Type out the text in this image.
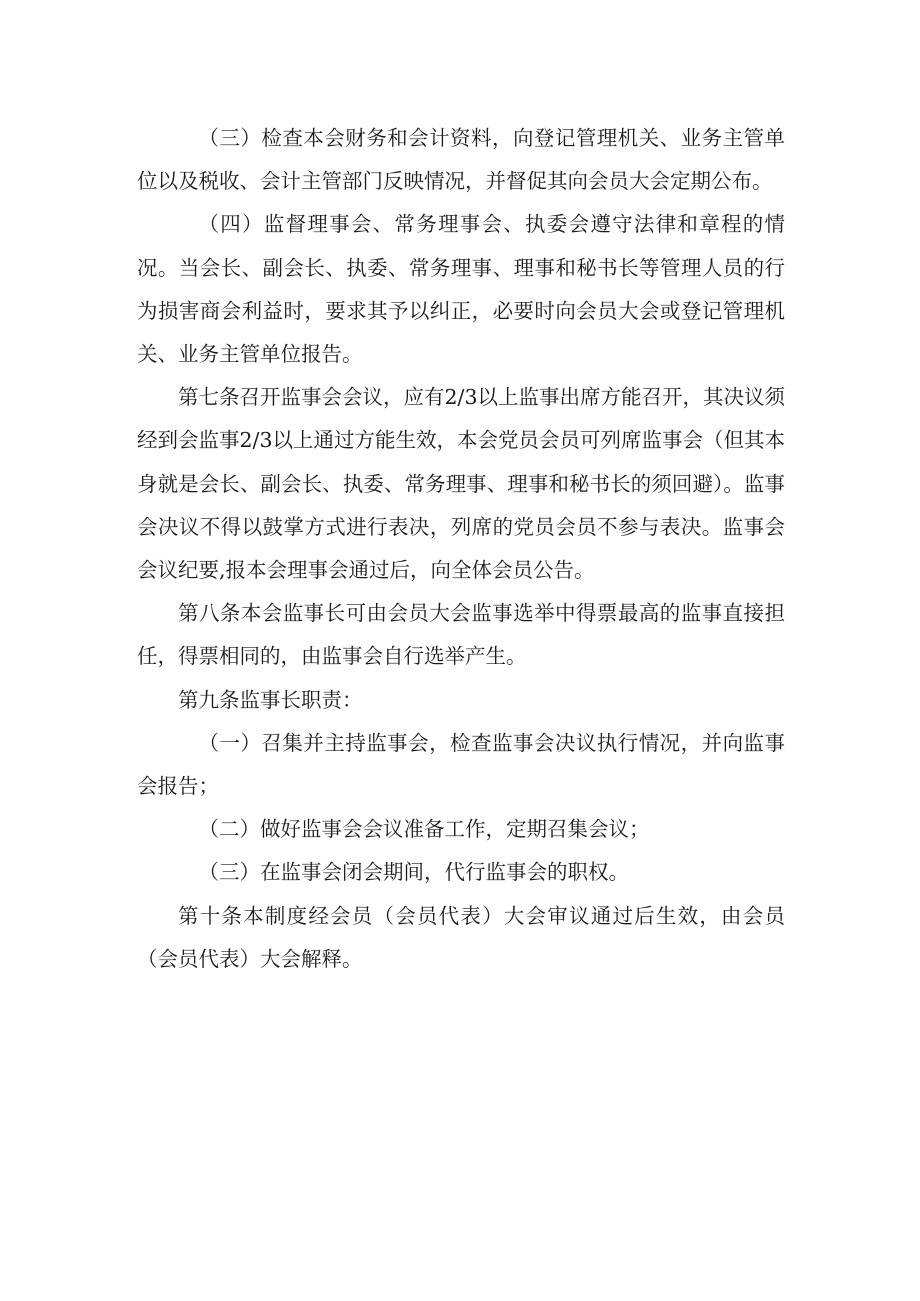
（三）检查本会财务和会计资料，向登记管理机关、业务主管单位以及税收、会计主管部门反映情况，并督促其向会员大会定期公布。

（四）监督理事会、常务理事会、执委会遵守法律和章程的情况。当会长、副会长、执委、常务理事、理事和秘书长等管理人员的行为损害商会利益时，要求其予以纠正，必要时向会员大会或登记管理机关、业务主管单位报告。

第七条召开监事会会议，应有2/3以上监事出席方能召开，其决议须经到会监事2/3以上通过方能生效，本会党员会员可列席监事会（但其本身就是会长、副会长、执委、常务理事、理事和秘书长的须回避）。监事会决议不得以鼓掌方式进行表决，列席的党员会员不参与表决。监事会会议纪要,报本会理事会通过后，向全体会员公告。

第八条本会监事长可由会员大会监事选举中得票最高的监事直接担任，得票相同的，由监事会自行选举产生。

第九条监事长职责：

（一）召集并主持监事会，检查监事会决议执行情况，并向监事会报告；

（二）做好监事会会议准备工作，定期召集会议；

（三）在监事会闭会期间，代行监事会的职权。

第十条本制度经会员（会员代表）大会审议通过后生效，由会员（会员代表）大会解释。
